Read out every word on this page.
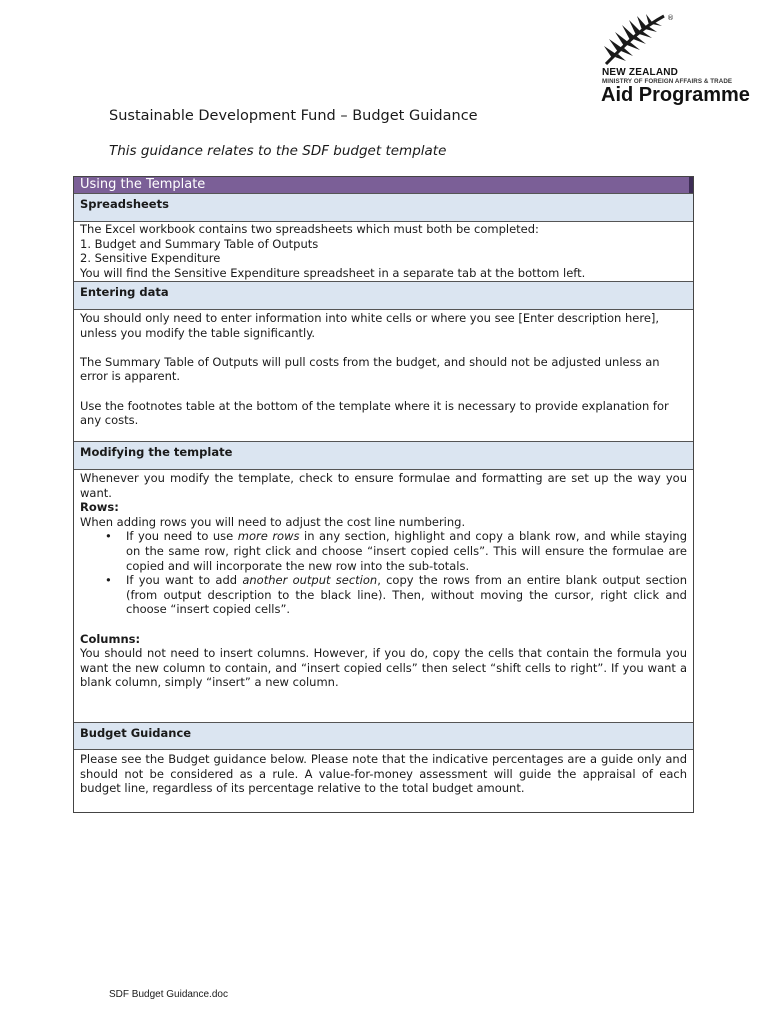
®
NEW ZEALAND
MINISTRY OF FOREIGN AFFAIRS & TRADE
Aid Programme
Sustainable Development Fund – Budget Guidance
This guidance relates to the SDF budget template
Using the Template
Spreadsheets

The Excel workbook contains two spreadsheets which must both be completed:

1. Budget and Summary Table of Outputs

2. Sensitive Expenditure

You will find the Sensitive Expenditure spreadsheet in a separate tab at the bottom left.

Entering data

You should only need to enter information into white cells or where you see [Enter description here], unless you modify the table significantly.

The Summary Table of Outputs will pull costs from the budget, and should not be adjusted unless an error is apparent.

Use the footnotes table at the bottom of the template where it is necessary to provide explanation for any costs.

Modifying the template

Whenever you modify the template, check to ensure formulae and formatting are set up the way you want.

Rows:

When adding rows you will need to adjust the cost line numbering.

• If you need to use more rows in any section, highlight and copy a blank row, and while staying on the same row, right click and choose “insert copied cells”. This will ensure the formulae are copied and will incorporate the new row into the sub-totals.
• If you want to add another output section, copy the rows from an entire blank output section (from output description to the black line). Then, without moving the cursor, right click and choose “insert copied cells”.

Columns:

You should not need to insert columns. However, if you do, copy the cells that contain the formula you want the new column to contain, and “insert copied cells” then select “shift cells to right”. If you want a blank column, simply “insert” a new column.

Budget Guidance
Please see the Budget guidance below. Please note that the indicative percentages are a guide only and should not be considered as a rule. A value-for-money assessment will guide the appraisal of each budget line, regardless of its percentage relative to the total budget amount.
SDF Budget Guidance.doc
